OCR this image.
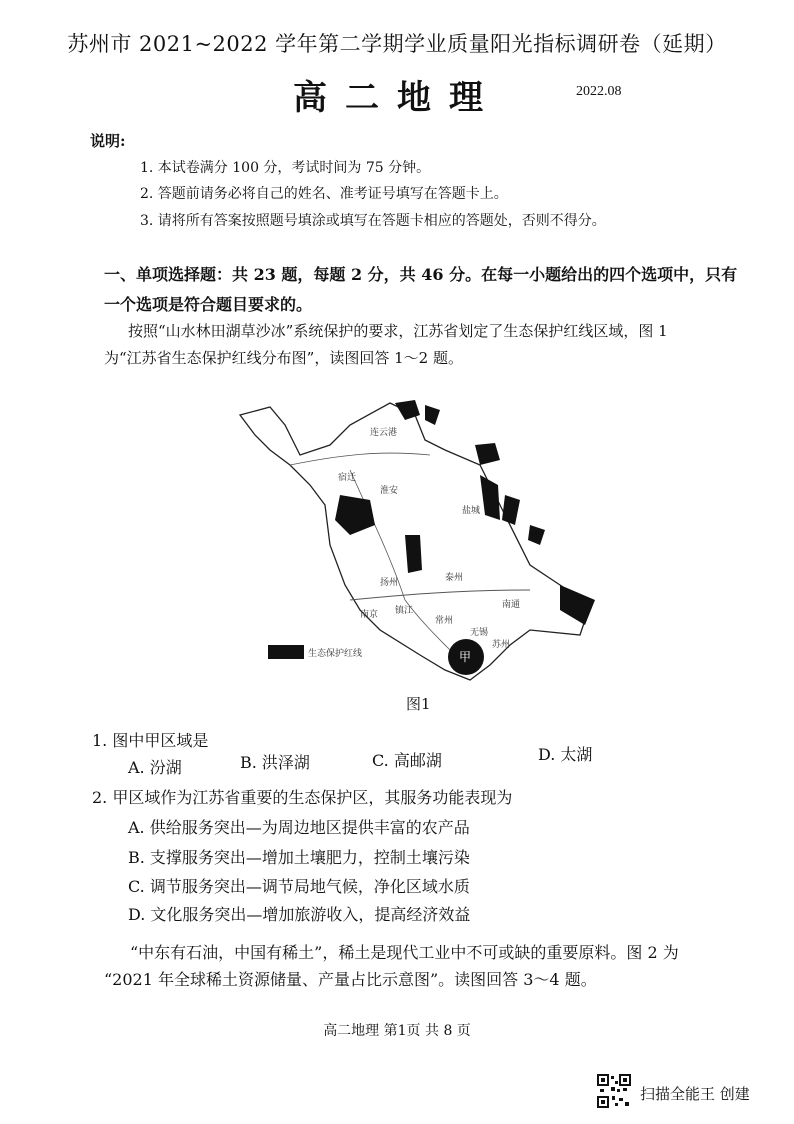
苏州市 2021~2022 学年第二学期学业质量阳光指标调研卷（延期）
高二地理	2022.08
说明:
1. 本试卷满分 100 分，考试时间为 75 分钟。
2. 答题前请务必将自己的姓名、准考证号填写在答题卡上。
3. 请将所有答案按照题号填涂或填写在答题卡相应的答题处，否则不得分。
一、单项选择题：共 23 题，每题 2 分，共 46 分。在每一小题给出的四个选项中，只有
一个选项是符合题目要求的。
按照“山水林田湖草沙冰”系统保护的要求，江苏省划定了生态保护红线区域，图 1
为“江苏省生态保护红线分布图”，读图回答 1～2 题。
甲
生态保护红线
连云港
宿迁
淮安
盐城
扬州	泰州
南通
南京 镇江
常州
无锡
苏州
图1
1. 图中甲区域是
A. 汾湖	B. 洪泽湖	C. 高邮湖	D. 太湖
2. 甲区域作为江苏省重要的生态保护区，其服务功能表现为
A. 供给服务突出—为周边地区提供丰富的农产品
B. 支撑服务突出—增加土壤肥力，控制土壤污染
C. 调节服务突出—调节局地气候，净化区域水质
D. 文化服务突出—增加旅游收入，提高经济效益
“中东有石油，中国有稀土”，稀土是现代工业中不可或缺的重要原料。图 2 为
“2021 年全球稀土资源储量、产量占比示意图”。读图回答 3～4 题。
高二地理 第1页 共 8 页
扫描全能王 创建
